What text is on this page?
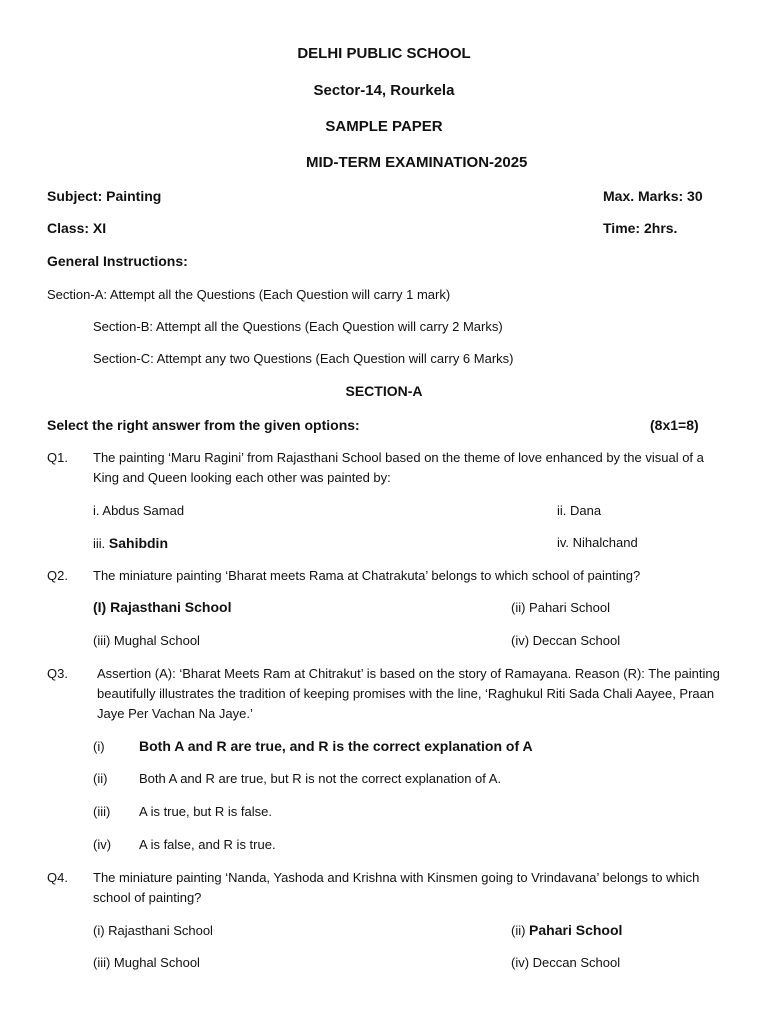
DELHI PUBLIC SCHOOL
Sector-14, Rourkela
SAMPLE PAPER
MID-TERM EXAMINATION-2025
Subject: Painting	Max. Marks: 30
Class: XI	Time: 2hrs.
General Instructions:
Section-A: Attempt all the Questions (Each Question will carry 1 mark)
Section-B: Attempt all the Questions (Each Question will carry 2 Marks)
Section-C: Attempt any two Questions (Each Question will carry 6 Marks)
SECTION-A
Select the right answer from the given options:	(8x1=8)
Q1. The painting ‘Maru Ragini’ from Rajasthani School based on the theme of love enhanced by the visual of a King and Queen looking each other was painted by:
i. Abdus Samad	ii. Dana
iii. Sahibdin	iv. Nihalchand
Q2. The miniature painting ‘Bharat meets Rama at Chatrakuta’ belongs to which school of painting?
(I) Rajasthani School	(ii) Pahari School
(iii) Mughal School	(iv) Deccan School
Q3. Assertion (A): ‘Bharat Meets Ram at Chitrakut’ is based on the story of Ramayana. Reason (R): The painting beautifully illustrates the tradition of keeping promises with the line, ‘Raghukul Riti Sada Chali Aayee, Praan Jaye Per Vachan Na Jaye.’
(i) Both A and R are true, and R is the correct explanation of A
(ii) Both A and R are true, but R is not the correct explanation of A.
(iii) A is true, but R is false.
(iv) A is false, and R is true.
Q4. The miniature painting ‘Nanda, Yashoda and Krishna with Kinsmen going to Vrindavana’ belongs to which school of painting?
(i) Rajasthani School	(ii) Pahari School
(iii) Mughal School	(iv) Deccan School
